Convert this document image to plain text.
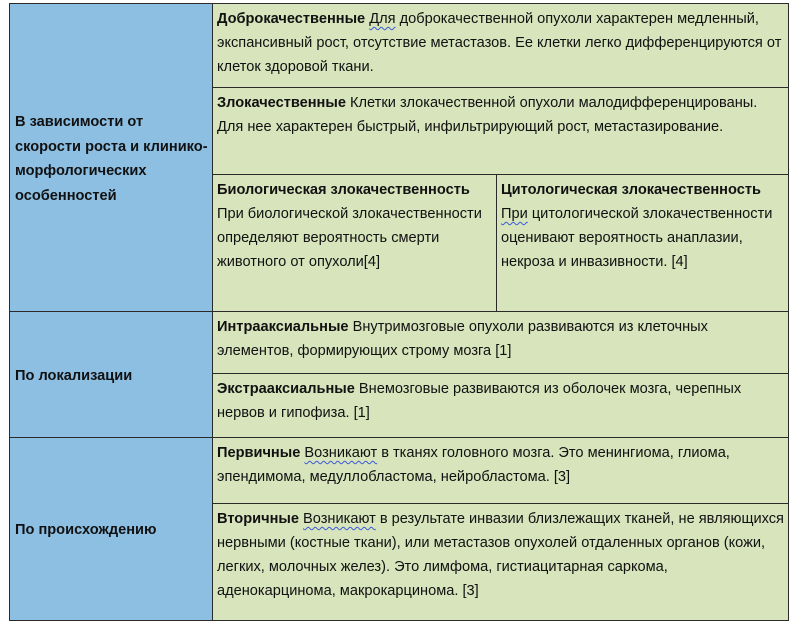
В зависимости от скорости роста и клинико-морфологических особенностей
Доброкачественные Для доброкачественной опухоли характерен медленный, экспансивный рост, отсутствие метастазов. Ее клетки легко дифференцируются от клеток здоровой ткани.
Злокачественные Клетки злокачественной опухоли малодифференцированы. Для нее характерен быстрый, инфильтрирующий рост, метастазирование.
Биологическая злокачественность При биологической злокачественности определяют вероятность смерти животного от опухоли[4]
Цитологическая злокачественность При цитологической злокачественности оценивают вероятность анаплазии, некроза и инвазивности. [4]
По локализации
Интрааксиальные Внутримозговые опухоли развиваются из клеточных элементов, формирующих строму мозга [1]
Экстрааксиальные Внемозговые развиваются из оболочек мозга, черепных нервов и гипофиза. [1]
По происхождению
Первичные Возникают в тканях головного мозга. Это менингиома, глиома, эпендимома, медуллобластома, нейробластома. [3]
Вторичные Возникают в результате инвазии близлежащих тканей, не являющихся нервными (костные ткани), или метастазов опухолей отдаленных органов (кожи, легких, молочных желез). Это лимфома, гистиацитарная саркома, аденокарцинома, макрокарцинома. [3]
